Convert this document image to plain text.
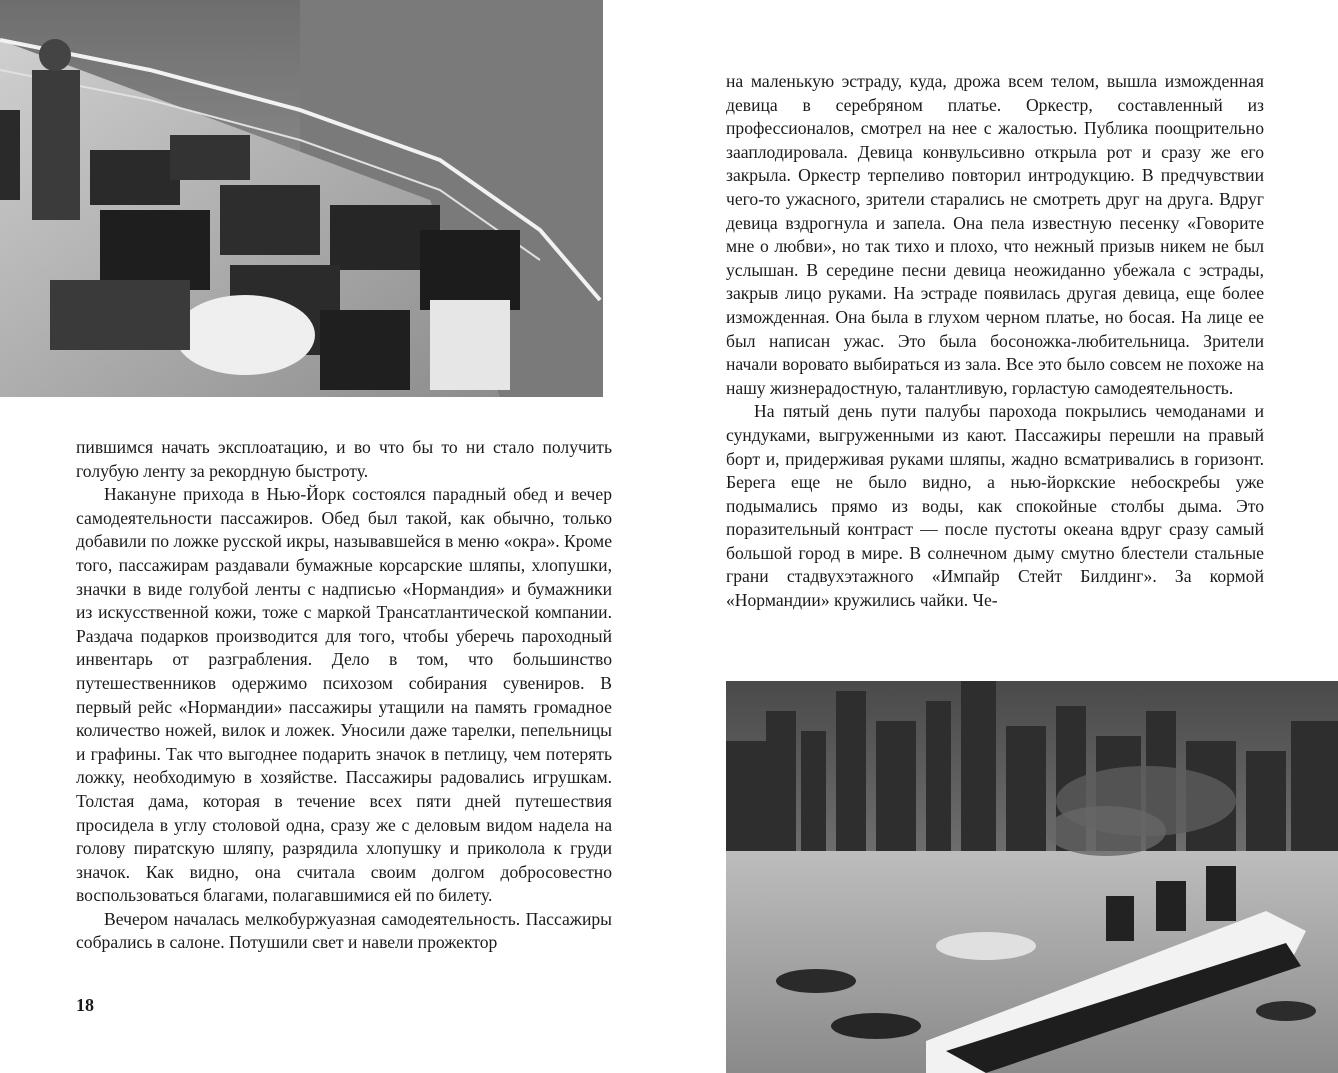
пившимся начать эксплоатацию, и во что бы то ни стало получить голубую ленту за рекордную быстроту.

Накануне прихода в Нью-Йорк состоялся парадный обед и вечер самодеятельности пассажиров. Обед был такой, как обычно, только добавили по ложке русской икры, называвшейся в меню «окра». Кроме того, пассажирам раздавали бумажные корсарские шляпы, хлопушки, значки в виде голубой ленты с надписью «Нормандия» и бумажники из искусственной кожи, тоже с маркой Трансатлантической компании. Раздача подарков производится для того, чтобы уберечь пароходный инвентарь от разграбления. Дело в том, что большинство путешественников одержимо психозом собирания сувениров. В первый рейс «Нормандии» пассажиры утащили на память громадное количество ножей, вилок и ложек. Уносили даже тарелки, пепельницы и графины. Так что выгоднее подарить значок в петлицу, чем потерять ложку, необходимую в хозяйстве. Пассажиры радовались игрушкам. Толстая дама, которая в течение всех пяти дней путешествия просидела в углу столовой одна, сразу же с деловым видом надела на голову пиратскую шляпу, разрядила хлопушку и приколола к груди значок. Как видно, она считала своим долгом добросовестно воспользоваться благами, полагавшимися ей по билету.

Вечером началась мелкобуржуазная самодеятельность. Пассажиры собрались в салоне. Потушили свет и навели прожектор

18

на маленькую эстраду, куда, дрожа всем телом, вышла изможденная девица в серебряном платье. Оркестр, составленный из профессионалов, смотрел на нее с жалостью. Публика поощрительно зааплодировала. Девица конвульсивно открыла рот и сразу же его закрыла. Оркестр терпеливо повторил интродукцию. В предчувствии чего-то ужасного, зрители старались не смотреть друг на друга. Вдруг девица вздрогнула и запела. Она пела известную песенку «Говорите мне о любви», но так тихо и плохо, что нежный призыв никем не был услышан. В середине песни девица неожиданно убежала с эстрады, закрыв лицо руками. На эстраде появилась другая девица, еще более изможденная. Она была в глухом черном платье, но босая. На лице ее был написан ужас. Это была босоножка-любительница. Зрители начали воровато выбираться из зала. Все это было совсем не похоже на нашу жизнерадостную, талантливую, горластую самодеятельность.

На пятый день пути палубы парохода покрылись чемоданами и сундуками, выгруженными из кают. Пассажиры перешли на правый борт и, придерживая руками шляпы, жадно всматривались в горизонт. Берега еще не было видно, а нью-йоркские небоскребы уже подымались прямо из воды, как спокойные столбы дыма. Это поразительный контраст — после пустоты океана вдруг сразу самый большой город в мире. В солнечном дыму смутно блестели стальные грани стадвухэтажного «Импайр Стейт Билдинг». За кормой «Нормандии» кружились чайки. Че-
